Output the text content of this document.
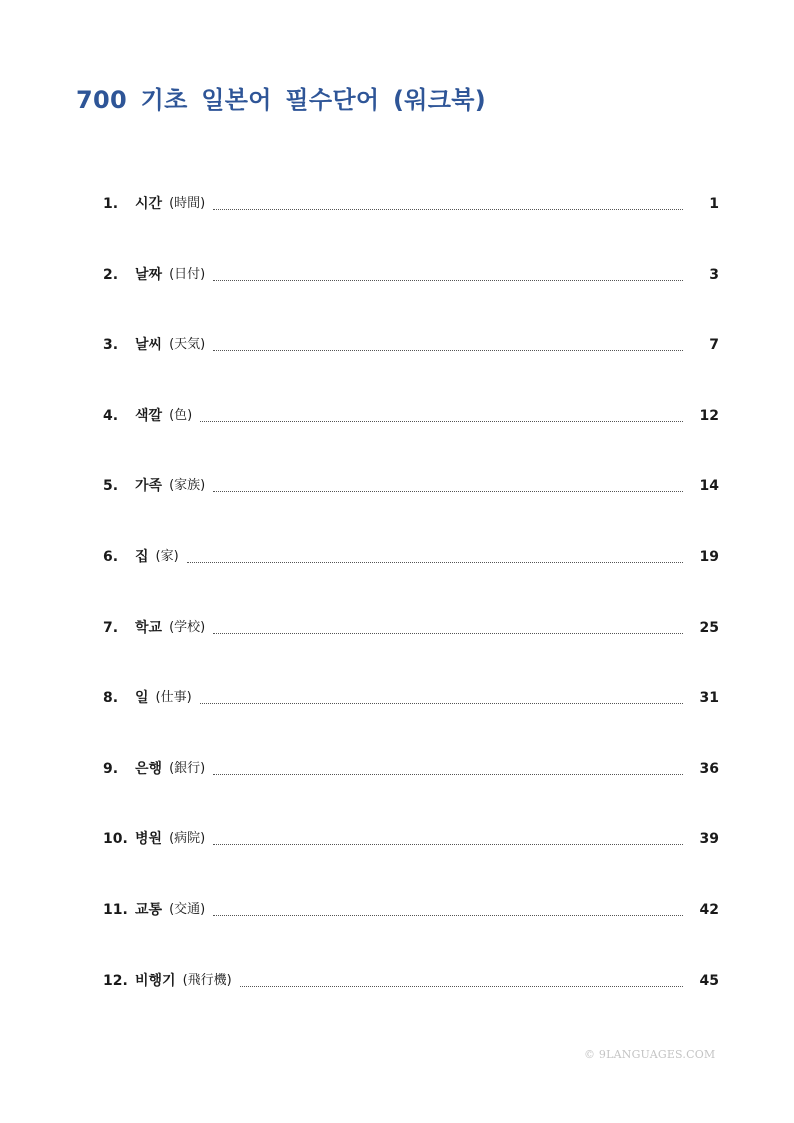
700 기초 일본어 필수단어 (워크북)
1.	시간 (時間)	1
2.	날짜 (日付)	3
3.	날씨 (天気)	7
4.	색깔 (色)	12
5.	가족 (家族)	14
6.	집 (家)	19
7.	학교 (学校)	25
8.	일 (仕事)	31
9.	은행 (銀行)	36
10. 병원 (病院)	39
11. 교통 (交通)	42
12. 비행기 (飛行機)	45
© 9LANGUAGES.COM
